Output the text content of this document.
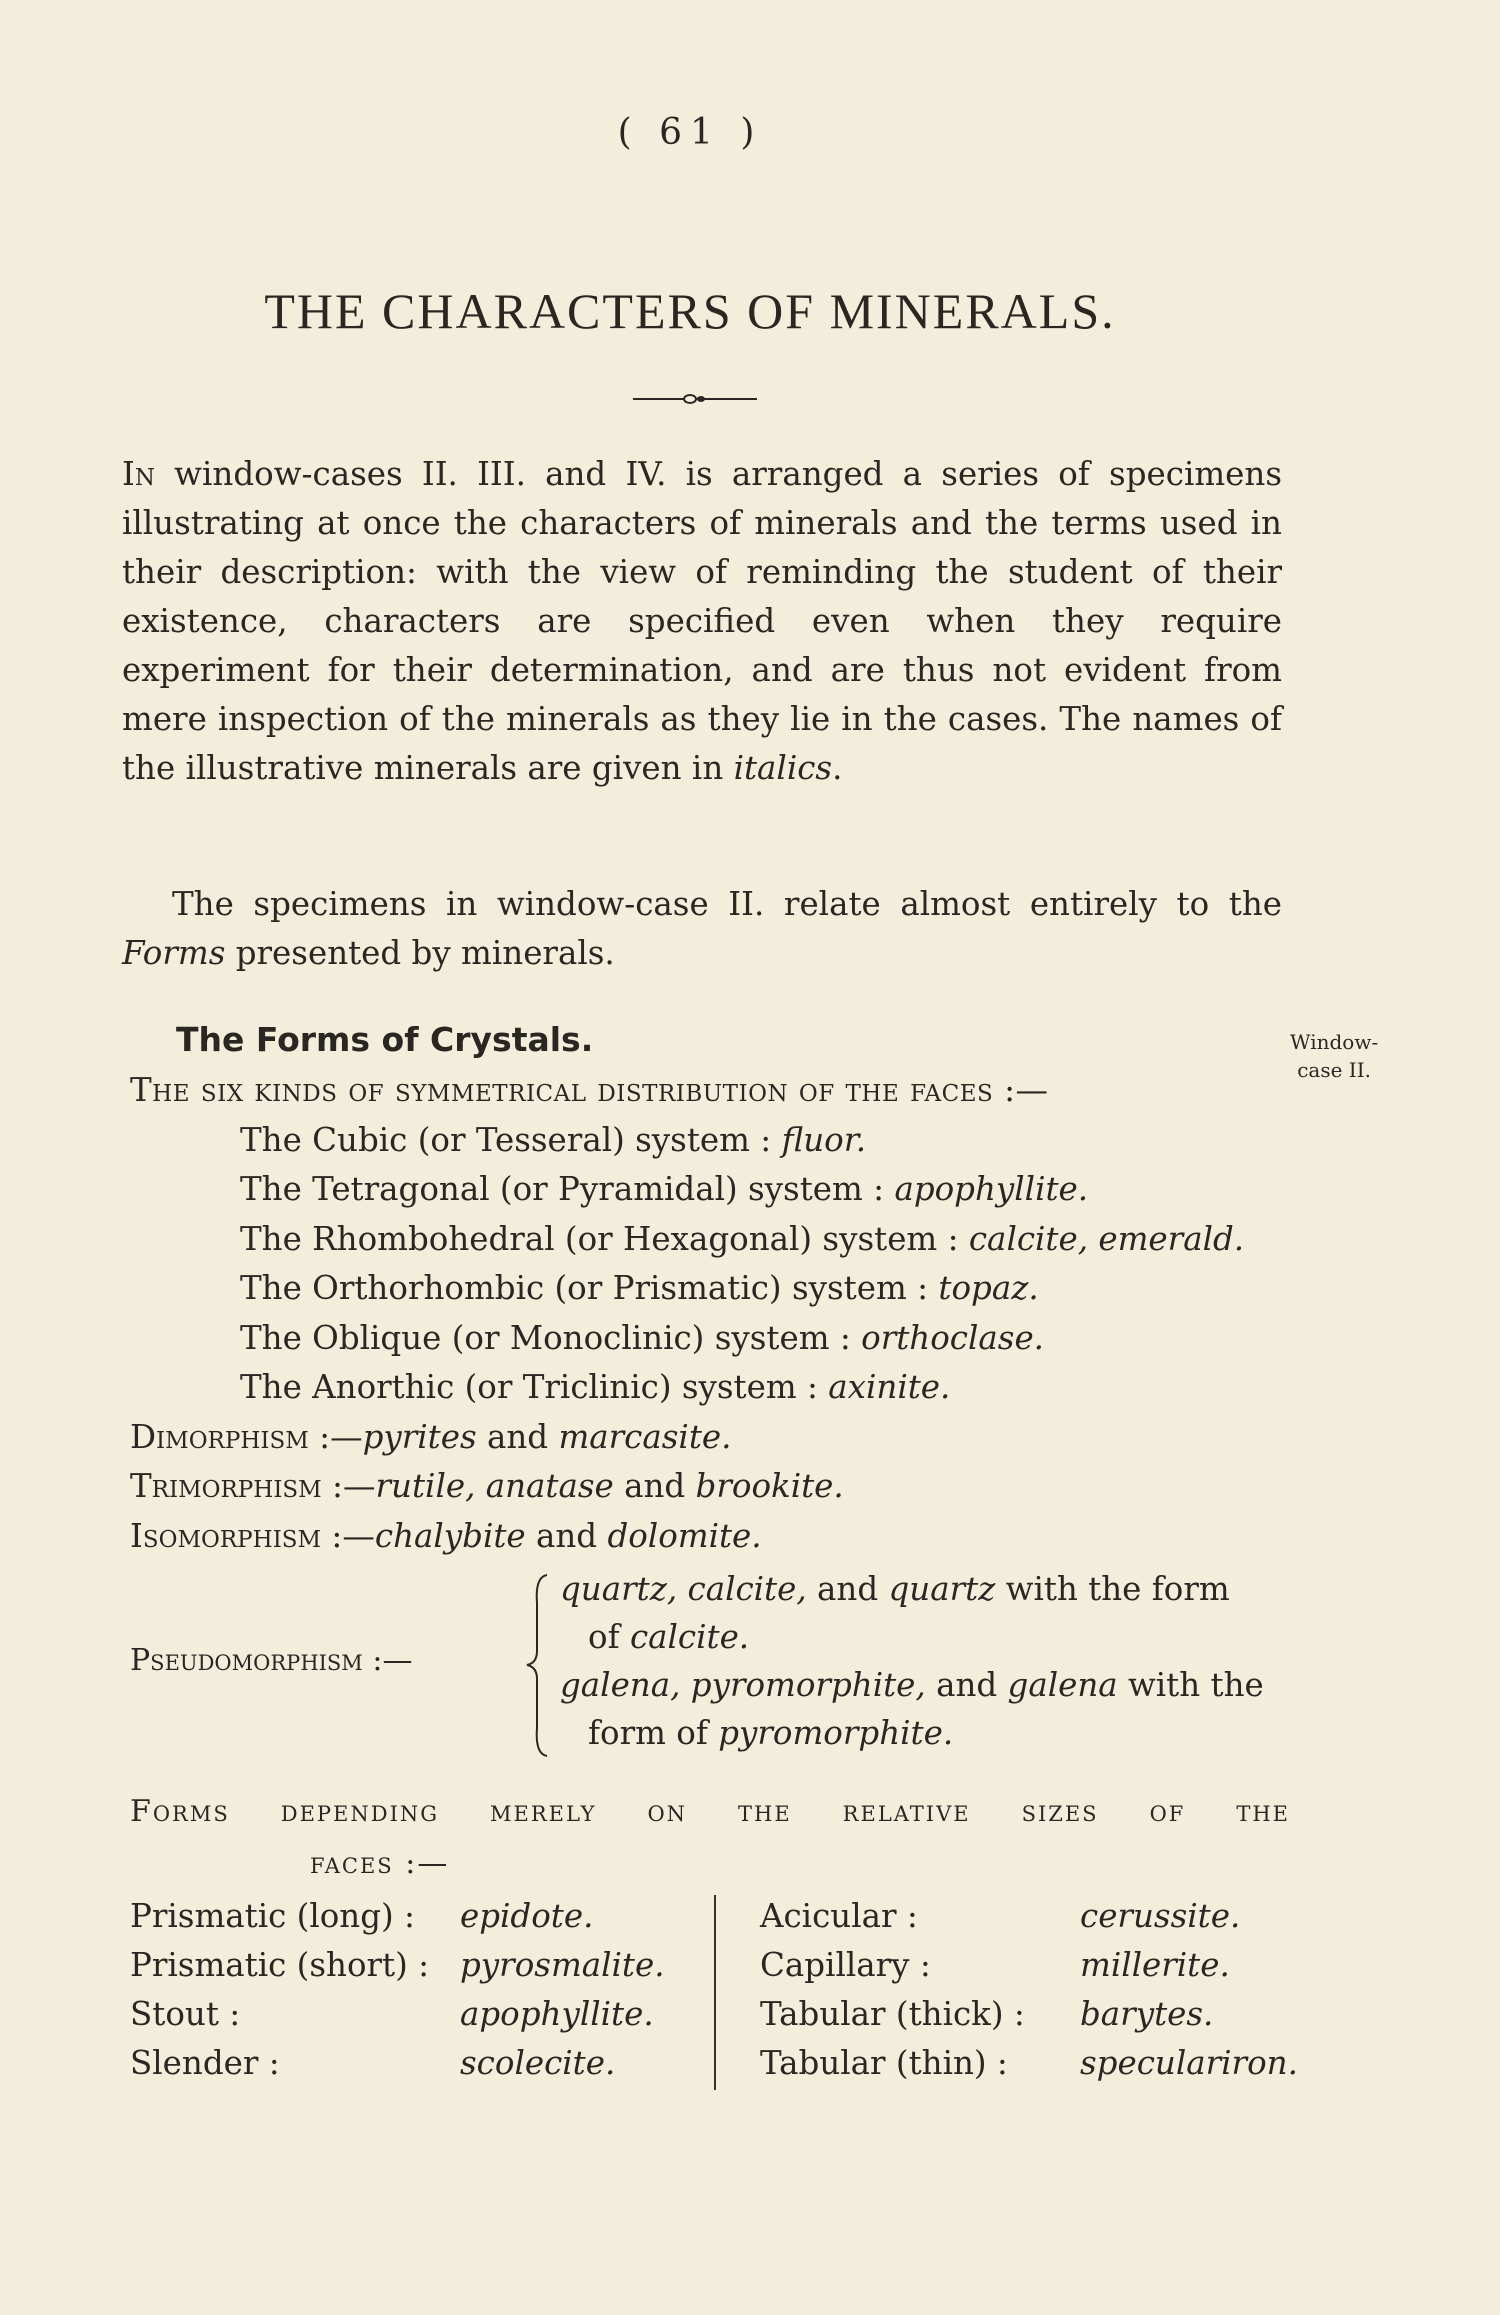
( 61 )
THE CHARACTERS OF MINERALS.
In window-cases II. III. and IV. is arranged a series of specimens illustrating at once the characters of minerals and the terms used in their description: with the view of reminding the student of their existence, characters are specified even when they require experiment for their determination, and are thus not evident from mere inspection of the minerals as they lie in the cases. The names of the illustrative minerals are given in italics.
The specimens in window-case II. relate almost entirely to the Forms presented by minerals.
The Forms of Crystals.	Window-
case II.
The six kinds of symmetrical distribution of the faces :—
The Cubic (or Tesseral) system : fluor.
The Tetragonal (or Pyramidal) system : apophyllite.
The Rhombohedral (or Hexagonal) system : calcite, emerald.
The Orthorhombic (or Prismatic) system : topaz.
The Oblique (or Monoclinic) system : orthoclase.
The Anorthic (or Triclinic) system : axinite.
Dimorphism :—pyrites and marcasite.
Trimorphism :—rutile, anatase and brookite.
Isomorphism :—chalybite and dolomite.
Pseudomorphism :—
quartz, calcite, and quartz with the form
of calcite.
galena, pyromorphite, and galena with the
form of pyromorphite.
Forms depending merely on the relative sizes of the
faces :—
Prismatic (long) : epidote.
Prismatic (short) : pyrosmalite.
Stout :	apophyllite.
Slender :	scolecite.
Acicular :	cerussite.
Capillary :	millerite.
Tabular (thick) : barytes.
Tabular (thin) : speculariron.
